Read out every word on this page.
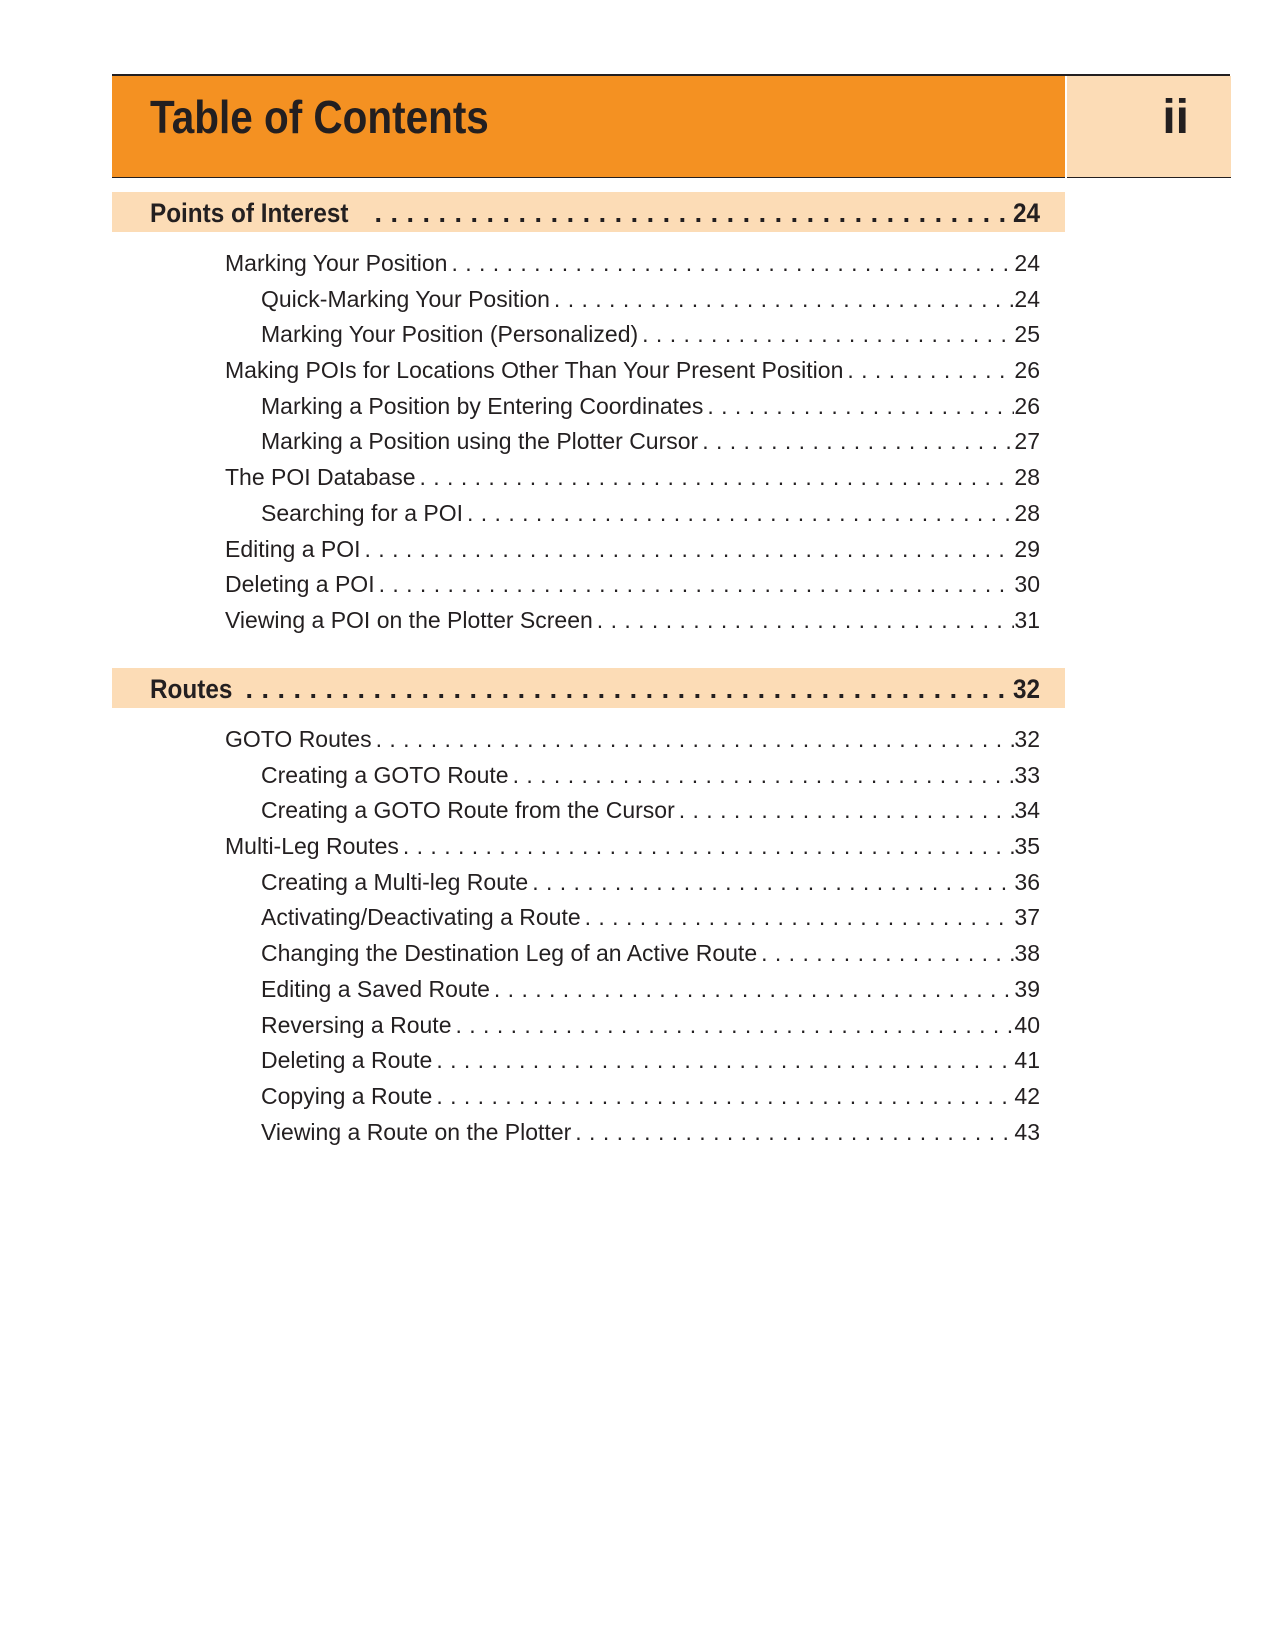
Table of Contents	ii
Points of Interest . . .	24
Marking Your Position . . .	24
Quick-Marking Your Position . . .	24
Marking Your Position (Personalized) . . .	25
Making POIs for Locations Other Than Your Present Position . . .	26
Marking a Position by Entering Coordinates . . .	26
Marking a Position using the Plotter Cursor . . .	27
The POI Database . . .	28
Searching for a POI . . .	28
Editing a POI . . .	29
Deleting a POI . . .	30
Viewing a POI on the Plotter Screen . . .	31
Routes . . .	32
GOTO Routes . . .	32
Creating a GOTO Route . . .	33
Creating a GOTO Route from the Cursor . . .	34
Multi-Leg Routes . . .	35
Creating a Multi-leg Route . . .	36
Activating/Deactivating a Route . . .	37
Changing the Destination Leg of an Active Route . . .	38
Editing a Saved Route . . .	39
Reversing a Route . . .	40
Deleting a Route . . .	41
Copying a Route . . .	42
Viewing a Route on the Plotter . . .	43
